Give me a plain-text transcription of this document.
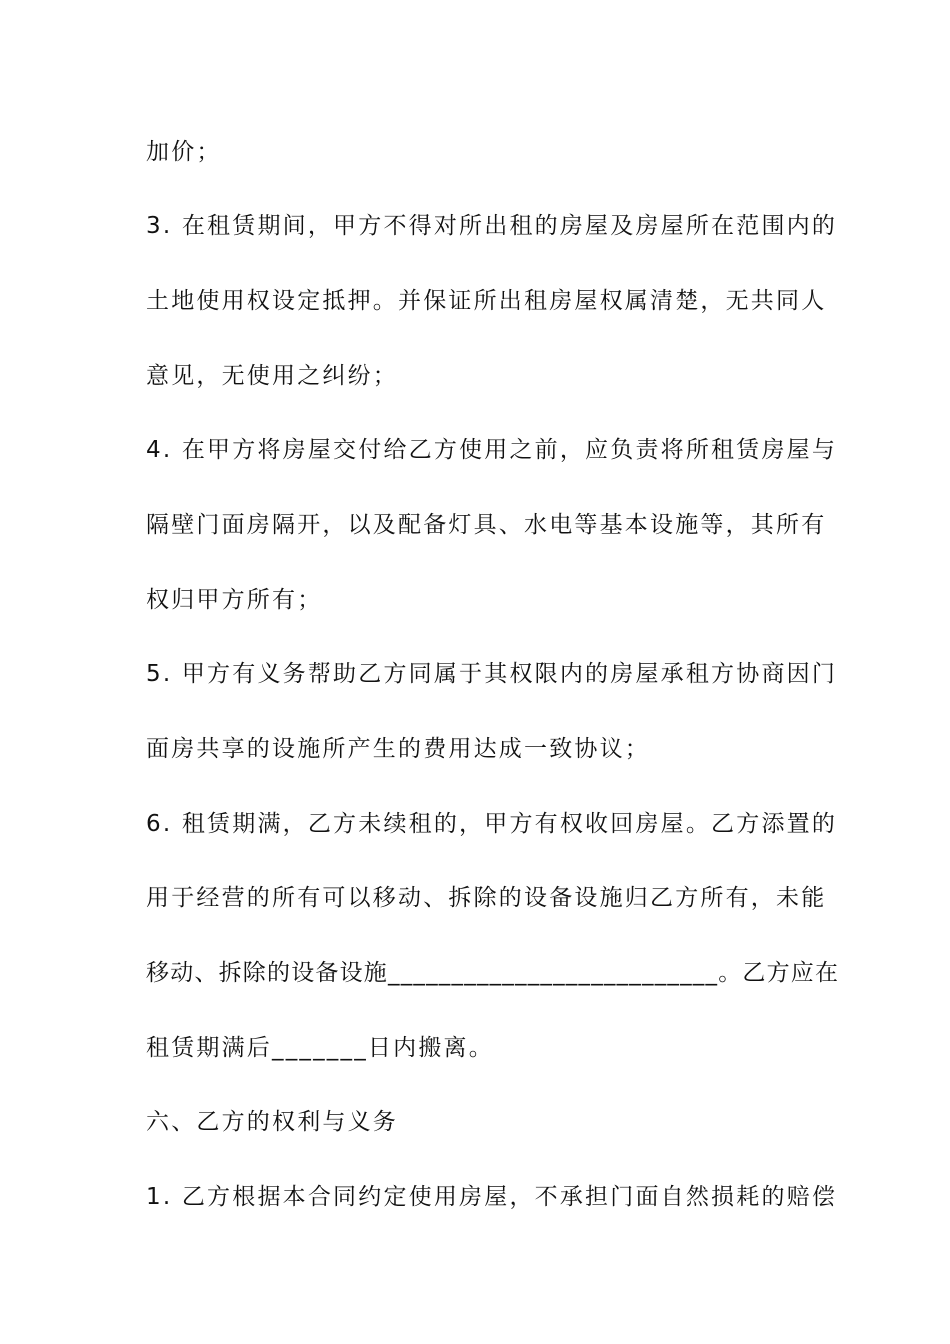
加价；
3. 在租赁期间，甲方不得对所出租的房屋及房屋所在范围内的
土地使用权设定抵押。并保证所出租房屋权属清楚，无共同人
意见，无使用之纠纷；
4. 在甲方将房屋交付给乙方使用之前，应负责将所租赁房屋与
隔壁门面房隔开，以及配备灯具、水电等基本设施等，其所有
权归甲方所有；
5. 甲方有义务帮助乙方同属于其权限内的房屋承租方协商因门
面房共享的设施所产生的费用达成一致协议；
6. 租赁期满，乙方未续租的，甲方有权收回房屋。乙方添置的
用于经营的所有可以移动、拆除的设备设施归乙方所有，未能
移动、拆除的设备设施__________________________。乙方应在
租赁期满后_______日内搬离。
六、乙方的权利与义务
1. 乙方根据本合同约定使用房屋，不承担门面自然损耗的赔偿
